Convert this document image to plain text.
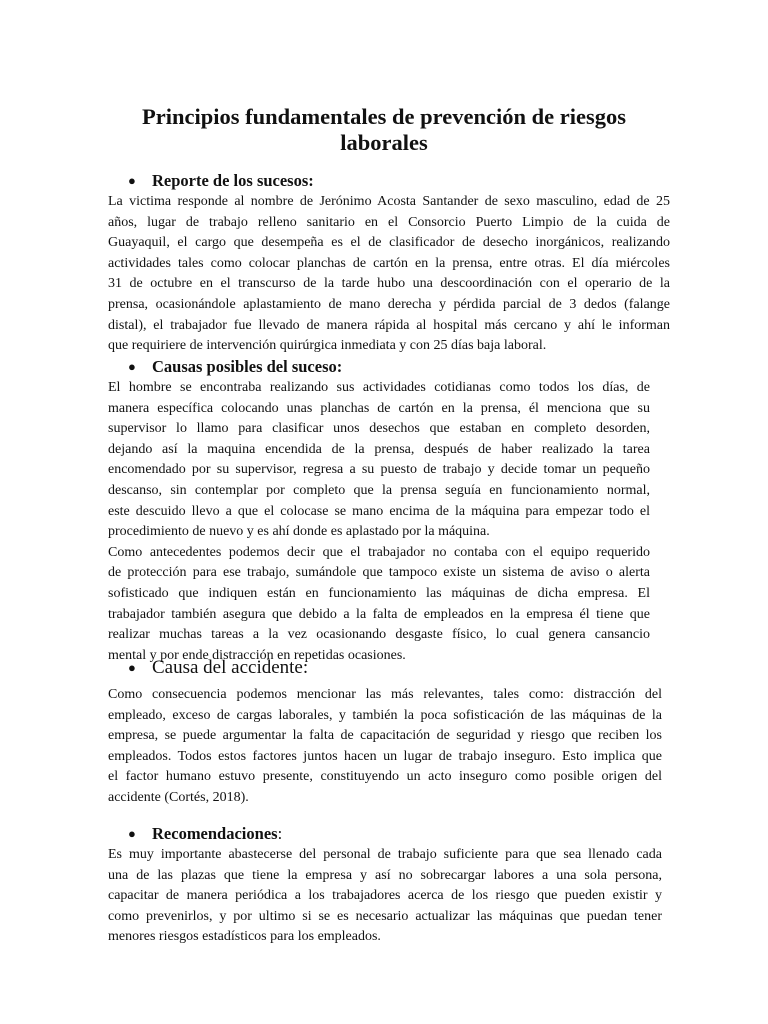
Principios fundamentales de prevención de riesgos
laborales
● Reporte de los sucesos:
La victima responde al nombre de Jerónimo Acosta Santander de sexo masculino, edad de 25
años, lugar de trabajo relleno sanitario en el Consorcio Puerto Limpio de la cuida de
Guayaquil, el cargo que desempeña es el de clasificador de desecho inorgánicos, realizando
actividades tales como colocar planchas de cartón en la prensa, entre otras. El día miércoles
31 de octubre en el transcurso de la tarde hubo una descoordinación con el operario de la
prensa, ocasionándole aplastamiento de mano derecha y pérdida parcial de 3 dedos (falange
distal), el trabajador fue llevado de manera rápida al hospital más cercano y ahí le informan
que requiriere de intervención quirúrgica inmediata y con 25 días baja laboral.
● Causas posibles del suceso:
El hombre se encontraba realizando sus actividades cotidianas como todos los días, de
manera específica colocando unas planchas de cartón en la prensa, él menciona que su
supervisor lo llamo para clasificar unos desechos que estaban en completo desorden,
dejando así la maquina encendida de la prensa, después de haber realizado la tarea
encomendado por su supervisor, regresa a su puesto de trabajo y decide tomar un pequeño
descanso, sin contemplar por completo que la prensa seguía en funcionamiento normal,
este descuido llevo a que el colocase se mano encima de la máquina para empezar todo el
procedimiento de nuevo y es ahí donde es aplastado por la máquina.
Como antecedentes podemos decir que el trabajador no contaba con el equipo requerido
de protección para ese trabajo, sumándole que tampoco existe un sistema de aviso o alerta
sofisticado que indiquen están en funcionamiento las máquinas de dicha empresa. El
trabajador también asegura que debido a la falta de empleados en la empresa él tiene que
realizar muchas tareas a la vez ocasionando desgaste físico, lo cual genera cansancio
mental y por ende distracción en repetidas ocasiones.
● Causa del accidente:
Como consecuencia podemos mencionar las más relevantes, tales como: distracción del
empleado, exceso de cargas laborales, y también la poca sofisticación de las máquinas de la
empresa, se puede argumentar la falta de capacitación de seguridad y riesgo que reciben los
empleados. Todos estos factores juntos hacen un lugar de trabajo inseguro. Esto implica que
el factor humano estuvo presente, constituyendo un acto inseguro como posible origen del
accidente (Cortés, 2018).
● Recomendaciones:
Es muy importante abastecerse del personal de trabajo suficiente para que sea llenado cada
una de las plazas que tiene la empresa y así no sobrecargar labores a una sola persona,
capacitar de manera periódica a los trabajadores acerca de los riesgo que pueden existir y
como prevenirlos, y por ultimo si se es necesario actualizar las máquinas que puedan tener
menores riesgos estadísticos para los empleados.
